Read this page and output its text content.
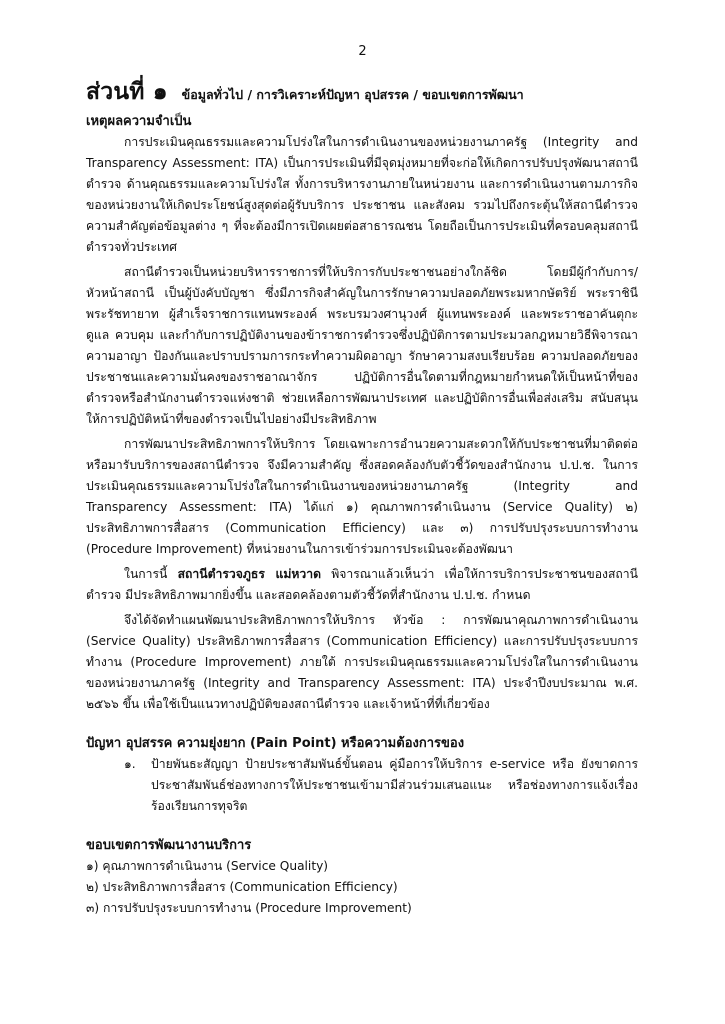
2
ส่วนที่ ๑ ข้อมูลทั่วไป / การวิเคราะห์ปัญหา อุปสรรค / ขอบเขตการพัฒนา
เหตุผลความจำเป็น

การประเมินคุณธรรมและความโปร่งใสในการดำเนินงานของหน่วยงานภาครัฐ (Integrity and Transparency Assessment: ITA) เป็นการประเมินที่มีจุดมุ่งหมายที่จะก่อให้เกิดการปรับปรุงพัฒนาสถานีตำรวจ ด้านคุณธรรมและความโปร่งใส ทั้งการบริหารงานภายในหน่วยงาน และการดำเนินงานตามภารกิจของหน่วยงานให้เกิดประโยชน์สูงสุดต่อผู้รับบริการ ประชาชน และสังคม รวมไปถึงกระตุ้นให้สถานีตำรวจความสำคัญต่อข้อมูลต่าง ๆ ที่จะต้องมีการเปิดเผยต่อสาธารณชน โดยถือเป็นการประเมินที่ครอบคลุมสถานีตำรวจทั่วประเทศ

สถานีตำรวจเป็นหน่วยบริหารราชการที่ให้บริการกับประชาชนอย่างใกล้ชิด โดยมีผู้กำกับการ/หัวหน้าสถานี เป็นผู้บังคับบัญชา ซึ่งมีภารกิจสำคัญในการรักษาความปลอดภัยพระมหากษัตริย์ พระราชินี พระรัชทายาท ผู้สำเร็จราชการแทนพระองค์ พระบรมวงศานุวงศ์ ผู้แทนพระองค์ และพระราชอาคันตุกะ ดูแล ควบคุม และกำกับการปฏิบัติงานของข้าราชการตำรวจซึ่งปฏิบัติการตามประมวลกฎหมายวิธีพิจารณาความอาญา ป้องกันและปราบปรามการกระทำความผิดอาญา รักษาความสงบเรียบร้อย ความปลอดภัยของประชาชนและความมั่นคงของราชอาณาจักร ปฏิบัติการอื่นใดตามที่กฎหมายกำหนดให้เป็นหน้าที่ของตำรวจหรือสำนักงานตำรวจแห่งชาติ ช่วยเหลือการพัฒนาประเทศ และปฏิบัติการอื่นเพื่อส่งเสริม สนับสนุนให้การปฏิบัติหน้าที่ของตำรวจเป็นไปอย่างมีประสิทธิภาพ

การพัฒนาประสิทธิภาพการให้บริการ โดยเฉพาะการอำนวยความสะดวกให้กับประชาชนที่มาติดต่อหรือมารับบริการของสถานีตำรวจ จึงมีความสำคัญ ซึ่งสอดคล้องกับตัวชี้วัดของสำนักงาน ป.ป.ช. ในการประเมินคุณธรรมและความโปร่งใสในการดำเนินงานของหน่วยงานภาครัฐ (Integrity and Transparency Assessment: ITA) ได้แก่ ๑) คุณภาพการดำเนินงาน (Service Quality) ๒) ประสิทธิภาพการสื่อสาร (Communication Efficiency) และ ๓) การปรับปรุงระบบการทำงาน (Procedure Improvement) ที่หน่วยงานในการเข้าร่วมการประเมินจะต้องพัฒนา

ในการนี้ สถานีตำรวจภูธร แม่หวาด พิจารณาแล้วเห็นว่า เพื่อให้การบริการประชาชนของสถานีตำรวจ มีประสิทธิภาพมากยิ่งขึ้น และสอดคล้องตามตัวชี้วัดที่สำนักงาน ป.ป.ช. กำหนด

จึงได้จัดทำแผนพัฒนาประสิทธิภาพการให้บริการ หัวข้อ : การพัฒนาคุณภาพการดำเนินงาน (Service Quality) ประสิทธิภาพการสื่อสาร (Communication Efficiency) และการปรับปรุงระบบการทำงาน (Procedure Improvement) ภายใต้ การประเมินคุณธรรมและความโปร่งใสในการดำเนินงานของหน่วยงานภาครัฐ (Integrity and Transparency Assessment: ITA) ประจำปีงบประมาณ พ.ศ. ๒๕๖๖ ขึ้น เพื่อใช้เป็นแนวทางปฏิบัติของสถานีตำรวจ และเจ้าหน้าที่ที่เกี่ยวข้อง

ปัญหา อุปสรรค ความยุ่งยาก (Pain Point) หรือความต้องการของ
๑.	ป้ายพันธะสัญญา ป้ายประชาสัมพันธ์ขั้นตอน คู่มือการให้บริการ e-service หรือ ยังขาดการประชาสัมพันธ์ช่องทางการให้ประชาชนเข้ามามีส่วนร่วมเสนอแนะ หรือช่องทางการแจ้งเรื่องร้องเรียนการทุจริต
ขอบเขตการพัฒนางานบริการ
๑) คุณภาพการดำเนินงาน (Service Quality)
๒) ประสิทธิภาพการสื่อสาร (Communication Efficiency)
๓) การปรับปรุงระบบการทำงาน (Procedure Improvement)
